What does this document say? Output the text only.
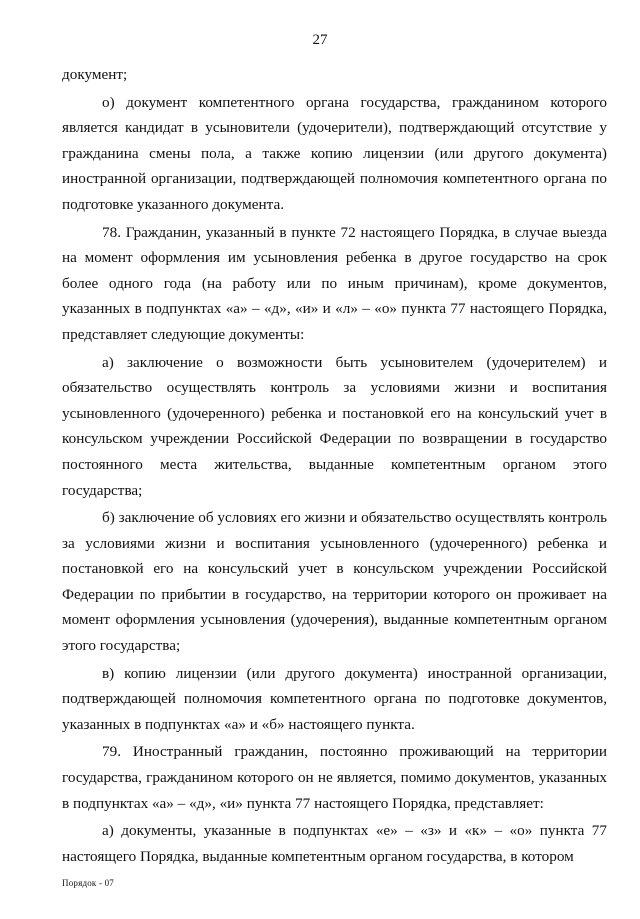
27

документ;

о) документ компетентного органа государства, гражданином которого является кандидат в усыновители (удочерители), подтверждающий отсутствие у гражданина смены пола, а также копию лицензии (или другого документа) иностранной организации, подтверждающей полномочия компетентного органа по подготовке указанного документа.

78. Гражданин, указанный в пункте 72 настоящего Порядка, в случае выезда на момент оформления им усыновления ребенка в другое государство на срок более одного года (на работу или по иным причинам), кроме документов, указанных в подпунктах «а» – «д», «и» и «л» – «о» пункта 77 настоящего Порядка, представляет следующие документы:

а) заключение о возможности быть усыновителем (удочерителем) и обязательство осуществлять контроль за условиями жизни и воспитания усыновленного (удочеренного) ребенка и постановкой его на консульский учет в консульском учреждении Российской Федерации по возвращении в государство постоянного места жительства, выданные компетентным органом этого государства;

б) заключение об условиях его жизни и обязательство осуществлять контроль за условиями жизни и воспитания усыновленного (удочеренного) ребенка и постановкой его на консульский учет в консульском учреждении Российской Федерации по прибытии в государство, на территории которого он проживает на момент оформления усыновления (удочерения), выданные компетентным органом этого государства;

в) копию лицензии (или другого документа) иностранной организации, подтверждающей полномочия компетентного органа по подготовке документов, указанных в подпунктах «а» и «б» настоящего пункта.

79. Иностранный гражданин, постоянно проживающий на территории государства, гражданином которого он не является, помимо документов, указанных в подпунктах «а» – «д», «и» пункта 77 настоящего Порядка, представляет:

а) документы, указанные в подпунктах «е» – «з» и «к» – «о» пункта 77 настоящего Порядка, выданные компетентным органом государства, в котором

Порядок - 07
